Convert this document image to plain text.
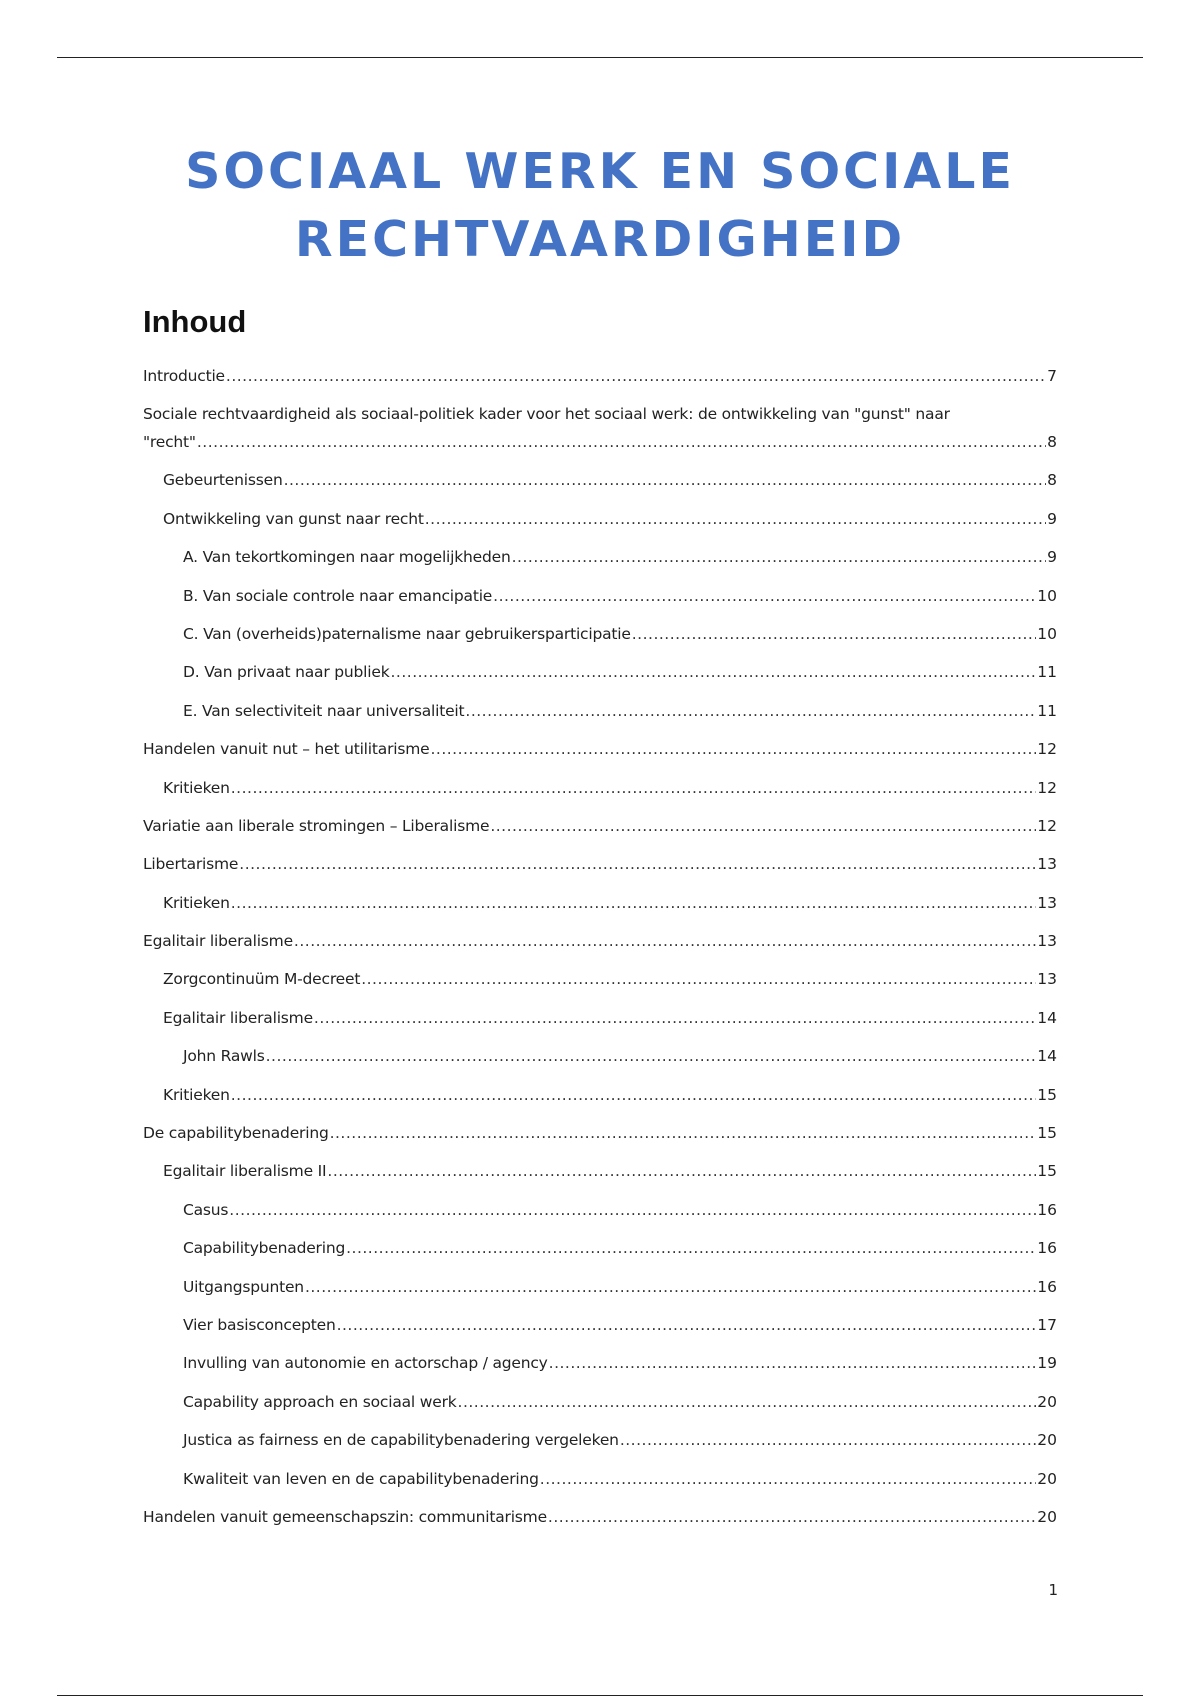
SOCIAAL WERK EN SOCIALE
RECHTVAARDIGHEID
Inhoud
Introductie .....	7
Sociale rechtvaardigheid als sociaal-politiek kader voor het sociaal werk: de ontwikkeling van "gunst" naar
"recht" .....	8
Gebeurtenissen .....	8
Ontwikkeling van gunst naar recht .....	9
A. Van tekortkomingen naar mogelijkheden .....	9
B. Van sociale controle naar emancipatie .....	10
C. Van (overheids)paternalisme naar gebruikersparticipatie .....	10
D. Van privaat naar publiek .....	11
E. Van selectiviteit naar universaliteit .....	11
Handelen vanuit nut – het utilitarisme .....	12
Kritieken .....	12
Variatie aan liberale stromingen – Liberalisme .....	12
Libertarisme .....	13
Kritieken .....	13
Egalitair liberalisme .....	13
Zorgcontinuüm M-decreet .....	13
Egalitair liberalisme .....	14
John Rawls .....	14
Kritieken .....	15
De capabilitybenadering .....	15
Egalitair liberalisme II .....	15
Casus .....	16
Capabilitybenadering .....	16
Uitgangspunten .....	16
Vier basisconcepten .....	17
Invulling van autonomie en actorschap / agency .....	19
Capability approach en sociaal werk .....	20
Justica as fairness en de capabilitybenadering vergeleken .....	20
Kwaliteit van leven en de capabilitybenadering .....	20
Handelen vanuit gemeenschapszin: communitarisme .....	20
1
